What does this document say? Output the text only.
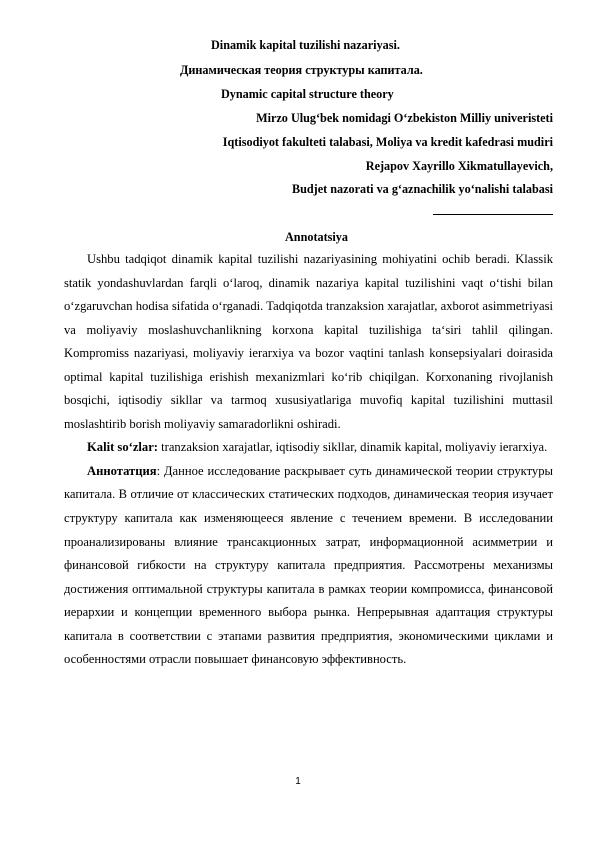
Dinamik kapital tuzilishi nazariyasi.
Динамическая теория структуры капитала.
Dynamic capital structure theory
Mirzo Ulug‘bek nomidagi O‘zbekiston Milliy univeristeti
Iqtisodiyot fakulteti talabasi, Moliya va kredit kafedrasi mudiri
Rejapov Xayrillo Xikmatullayevich,
Budjet nazorati va g‘aznachilik yo‘nalishi talabasi
Annotatsiya

Ushbu tadqiqot dinamik kapital tuzilishi nazariyasining mohiyatini ochib beradi. Klassik statik yondashuvlardan farqli o‘laroq, dinamik nazariya kapital tuzilishini vaqt o‘tishi bilan o‘zgaruvchan hodisa sifatida o‘rganadi. Tadqiqotda tranzaksion xarajatlar, axborot asimmetriyasi va moliyaviy moslashuvchanlikning korxona kapital tuzilishiga ta‘siri tahlil qilingan. Kompromiss nazariyasi, moliyaviy ierarxiya va bozor vaqtini tanlash konsepsiyalari doirasida optimal kapital tuzilishiga erishish mexanizmlari ko‘rib chiqilgan. Korxonaning rivojlanish bosqichi, iqtisodiy sikllar va tarmoq xususiyatlariga muvofiq kapital tuzilishini muttasil moslashtirib borish moliyaviy samaradorlikni oshiradi.

Kalit so‘zlar: tranzaksion xarajatlar, iqtisodiy sikllar, dinamik kapital, moliyaviy ierarxiya.

Аннотатция: Данное исследование раскрывает суть динамической теории структуры капитала. В отличие от классических статических подходов, динамическая теория изучает структуру капитала как изменяющееся явление с течением времени. В исследовании проанализированы влияние трансакционных затрат, информационной асимметрии и финансовой гибкости на структуру капитала предприятия. Рассмотрены механизмы достижения оптимальной структуры капитала в рамках теории компромисса, финансовой иерархии и концепции временного выбора рынка. Непрерывная адаптация структуры капитала в соответствии с этапами развития предприятия, экономическими циклами и особенностями отрасли повышает финансовую эффективность.

1
